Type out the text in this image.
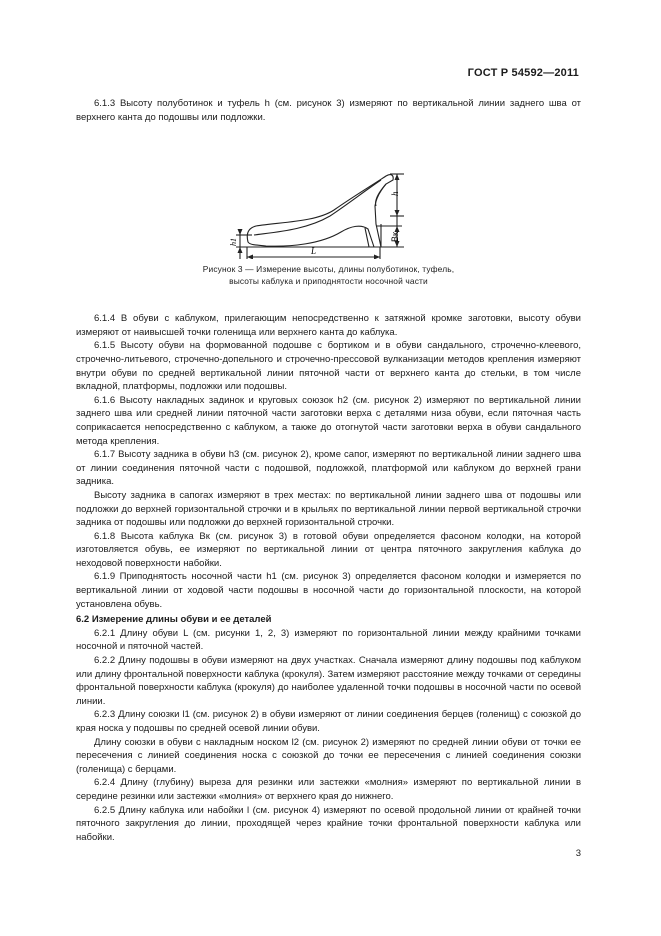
ГОСТ Р 54592—2011

6.1.3 Высоту полуботинок и туфель h (см. рисунок 3) измеряют по вертикальной линии заднего шва от верхнего канта до подошвы или подложки.

h
Bк
L
h1
Рисунок 3 — Измерение высоты, длины полуботинок, туфель,
высоты каблука и приподнятости носочной части

6.1.4 В обуви с каблуком, прилегающим непосредственно к затяжной кромке заготовки, высоту обуви измеряют от наивысшей точки голенища или верхнего канта до каблука.

6.1.5 Высоту обуви на формованной подошве с бортиком и в обуви сандального, строчечно-клеевого, строчечно-литьевого, строчечно-допельного и строчечно-прессовой вулканизации методов крепления измеряют внутри обуви по средней вертикальной линии пяточной части от верхнего канта до стельки, в том числе вкладной, платформы, подложки или подошвы.

6.1.6 Высоту накладных задинок и круговых союзок h2 (см. рисунок 2) измеряют по вертикальной линии заднего шва или средней линии пяточной части заготовки верха с деталями низа обуви, если пяточная часть соприкасается непосредственно с каблуком, а также до отогнутой части заготовки верха в обуви сандального метода крепления.

6.1.7 Высоту задника в обуви h3 (см. рисунок 2), кроме сапог, измеряют по вертикальной линии заднего шва от линии соединения пяточной части с подошвой, подложкой, платформой или каблуком до верхней грани задника.

Высоту задника в сапогах измеряют в трех местах: по вертикальной линии заднего шва от подошвы или подложки до верхней горизонтальной строчки и в крыльях по вертикальной линии первой вертикальной строчки задника от подошвы или подложки до верхней горизонтальной строчки.

6.1.8 Высота каблука Bк (см. рисунок 3) в готовой обуви определяется фасоном колодки, на которой изготовляется обувь, ее измеряют по вертикальной линии от центра пяточного закругления каблука до неходовой поверхности набойки.

6.1.9 Приподнятость носочной части h1 (см. рисунок 3) определяется фасоном колодки и измеряется по вертикальной линии от ходовой части подошвы в носочной части до горизонтальной плоскости, на которой установлена обувь.

6.2 Измерение длины обуви и ее деталей

6.2.1 Длину обуви L (см. рисунки 1, 2, 3) измеряют по горизонтальной линии между крайними точками носочной и пяточной частей.

6.2.2 Длину подошвы в обуви измеряют на двух участках. Сначала измеряют длину подошвы под каблуком или длину фронтальной поверхности каблука (крокуля). Затем измеряют расстояние между точками от середины фронтальной поверхности каблука (крокуля) до наиболее удаленной точки подошвы в носочной части по осевой линии.

6.2.3 Длину союзки l1 (см. рисунок 2) в обуви измеряют от линии соединения берцев (голенищ) с союзкой до края носка у подошвы по средней осевой линии обуви.

Длину союзки в обуви с накладным носком l2 (см. рисунок 2) измеряют по средней линии обуви от точки ее пересечения с линией соединения носка с союзкой до точки ее пересечения с линией соединения союзки (голенища) с берцами.

6.2.4 Длину (глубину) выреза для резинки или застежки «молния» измеряют по вертикальной линии в середине резинки или застежки «молния» от верхнего края до нижнего.

6.2.5 Длину каблука или набойки l (см. рисунок 4) измеряют по осевой продольной линии от крайней точки пяточного закругления до линии, проходящей через крайние точки фронтальной поверхности каблука или набойки.

3
